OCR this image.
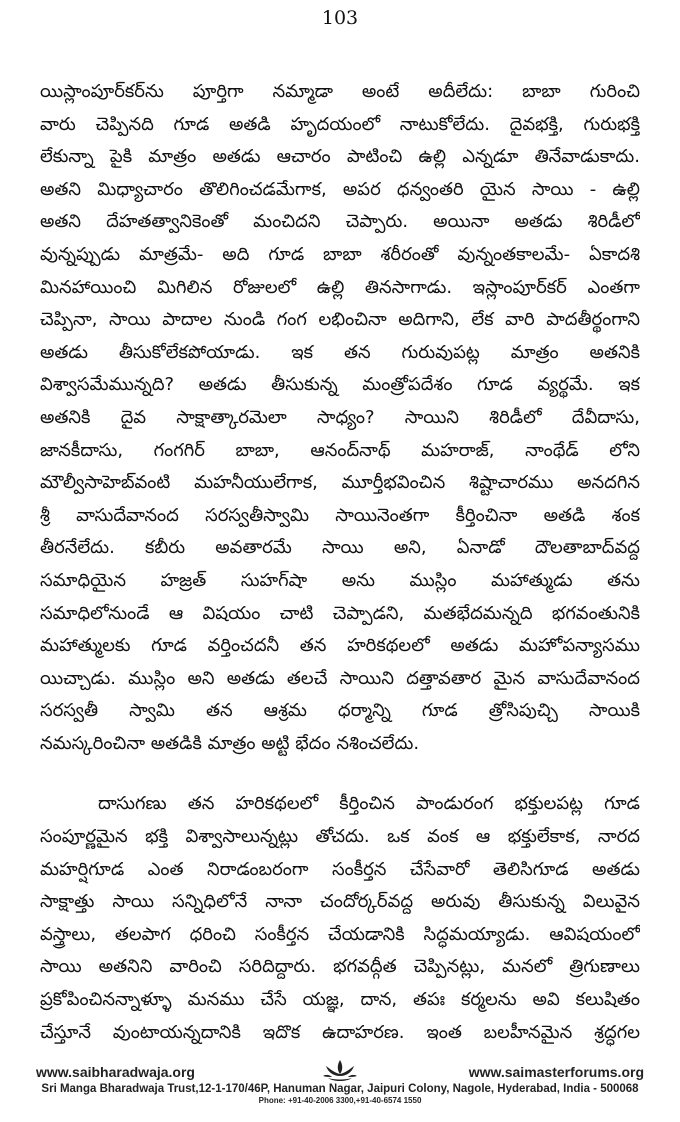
103
యిస్లాంపూర్‌కర్‌ను పూర్తిగా నమ్మాడా అంటే అదీలేదు: బాబా గురించి
వారు చెప్పినది గూడ అతడి హృదయంలో నాటుకోలేదు. దైవభక్తి, గురుభక్తి
లేకున్నా పైకి మాత్రం అతడు ఆచారం పాటించి ఉల్లి ఎన్నడూ తినేవాడుకాదు.
అతని మిధ్యాచారం తొలిగించడమేగాక, అపర ధన్వంతరి యైన సాయి - ఉల్లి
అతని దేహతత్వానికెంతో మంచిదని చెప్పారు. అయినా అతడు శిరిడీలో
వున్నప్పుడు మాత్రమే- అది గూడ బాబా శరీరంతో వున్నంతకాలమే- ఏకాదశి
మినహాయించి మిగిలిన రోజులలో ఉల్లి తినసాగాడు. ఇస్లాంపూర్‌కర్ ఎంతగా
చెప్పినా, సాయి పాదాల నుండి గంగ లభించినా అదిగాని, లేక వారి పాదతీర్థంగాని
అతడు తీసుకోలేకపోయాడు. ఇక తన గురువుపట్ల మాత్రం అతనికి
విశ్వాసమేమున్నది? అతడు తీసుకున్న మంత్రోపదేశం గూడ వ్యర్థమే. ఇక
అతనికి దైవ సాక్షాత్కారమెలా సాధ్యం? సాయిని శిరిడీలో దేవీదాసు,
జానకీదాసు, గంగగిర్ బాబా, ఆనంద్‌నాథ్ మహరాజ్, నాంథేడ్ లోని
మౌల్వీసాహెబ్‌వంటి మహనీయులేగాక, మూర్తీభవించిన శిష్టాచారము అనదగిన
శ్రీ వాసుదేవానంద సరస్వతీస్వామి సాయినెంతగా కీర్తించినా అతడి శంక
తీరనేలేదు. కబీరు అవతారమే సాయి అని, ఏనాడో దౌలతాబాద్‌వద్ద
సమాధియైన హజ్రత్ సుహగ్‌షా అను ముస్లిం మహాత్ముడు తను
సమాధిలోనుండే ఆ విషయం చాటి చెప్పాడని, మతభేదమన్నది భగవంతునికి
మహాత్ములకు గూడ వర్తించదనీ తన హరికథలలో అతడు మహోపన్యాసము
యిచ్చాడు. ముస్లిం అని అతడు తలచే సాయిని దత్తావతార మైన వాసుదేవానంద
సరస్వతీ స్వామి తన ఆశ్రమ ధర్మాన్ని గూడ త్రోసిపుచ్చి సాయికి
నమస్కరించినా అతడికి మాత్రం అట్టి భేదం నశించలేదు.
దాసుగణు తన హరికథలలో కీర్తించిన పాండురంగ భక్తులపట్ల గూడ
సంపూర్ణమైన భక్తి విశ్వాసాలున్నట్లు తోచదు. ఒక వంక ఆ భక్తులేకాక, నారద
మహర్షిగూడ ఎంత నిరాడంబరంగా సంకీర్తన చేసేవారో తెలిసిగూడ అతడు
సాక్షాత్తు సాయి సన్నిధిలోనే నానా చందోర్కర్‌వద్ద అరువు తీసుకున్న విలువైన
వస్త్రాలు, తలపాగ ధరించి సంకీర్తన చేయడానికి సిద్ధమయ్యాడు. ఆవిషయంలో
సాయి అతనిని వారించి సరిదిద్దారు. భగవద్గీత చెప్పినట్లు, మనలో త్రిగుణాలు
ప్రకోపించినన్నాళ్ళూ మనము చేసే యజ్ఞ, దాన, తపః కర్మలను అవి కలుషితం
చేస్తూనే వుంటాయన్నదానికి ఇదొక ఉదాహరణ. ఇంత బలహీనమైన శ్రద్ధగల
www.saibharadwaja.org	www.saimasterforums.org
Sri Manga Bharadwaja Trust,12-1-170/46P, Hanuman Nagar, Jaipuri Colony, Nagole, Hyderabad, India - 500068
Phone: +91-40-2006 3300,+91-40-6574 1550
